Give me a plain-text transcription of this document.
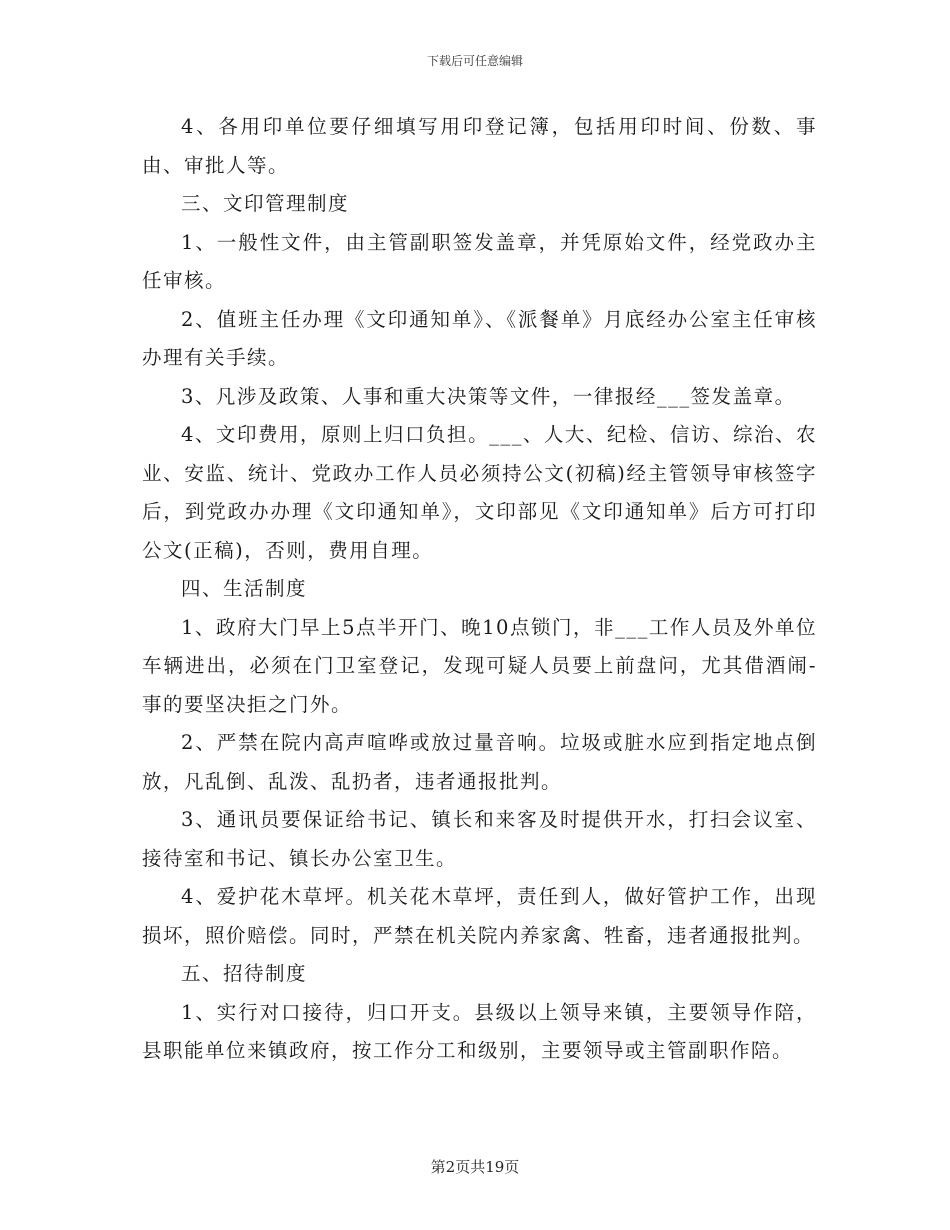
下载后可任意编辑

4、各用印单位要仔细填写用印登记簿，包括用印时间、份数、事由、审批人等。

三、文印管理制度

1、一般性文件，由主管副职签发盖章，并凭原始文件，经党政办主任审核。

2、值班主任办理《文印通知单》、《派餐单》月底经办公室主任审核办理有关手续。

3、凡涉及政策、人事和重大决策等文件，一律报经___签发盖章。

4、文印费用，原则上归口负担。___、人大、纪检、信访、综治、农业、安监、统计、党政办工作人员必须持公文(初稿)经主管领导审核签字后，到党政办办理《文印通知单》，文印部见《文印通知单》后方可打印公文(正稿)，否则，费用自理。

四、生活制度

1、政府大门早上5点半开门、晚10点锁门，非___工作人员及外单位车辆进出，必须在门卫室登记，发现可疑人员要上前盘问，尤其借酒闹-事的要坚决拒之门外。

2、严禁在院内高声喧哗或放过量音响。垃圾或脏水应到指定地点倒放，凡乱倒、乱泼、乱扔者，违者通报批判。

3、通讯员要保证给书记、镇长和来客及时提供开水，打扫会议室、接待室和书记、镇长办公室卫生。

4、爱护花木草坪。机关花木草坪，责任到人，做好管护工作，出现损坏，照价赔偿。同时，严禁在机关院内养家禽、牲畜，违者通报批判。

五、招待制度

1、实行对口接待，归口开支。县级以上领导来镇，主要领导作陪，县职能单位来镇政府，按工作分工和级别，主要领导或主管副职作陪。

第2页共19页
